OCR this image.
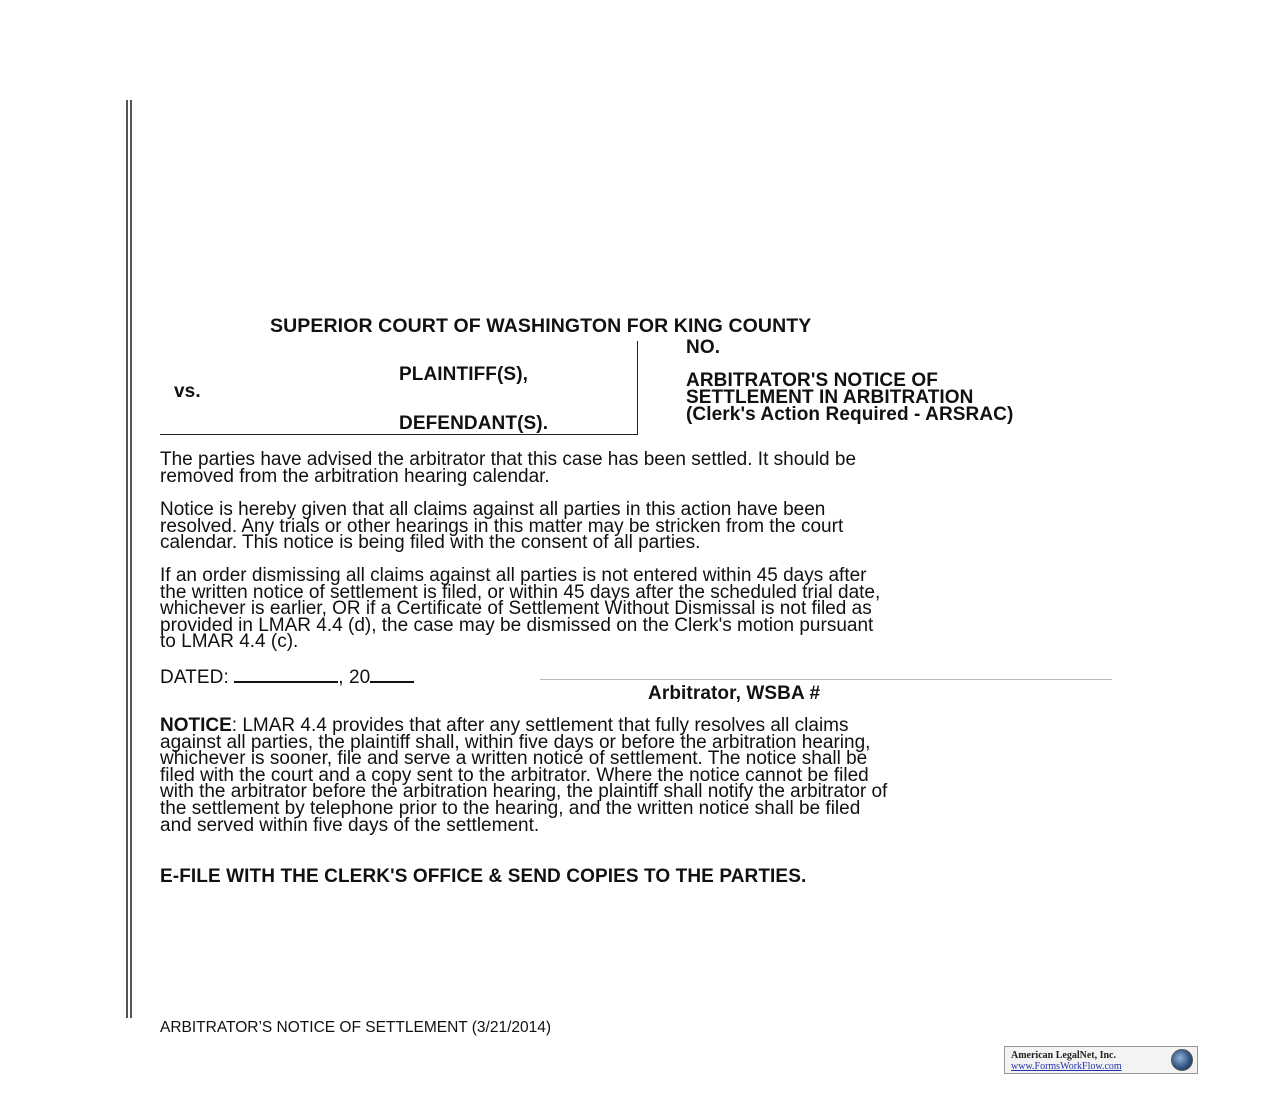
SUPERIOR COURT OF WASHINGTON FOR KING COUNTY
NO.
PLAINTIFF(S),
vs.
DEFENDANT(S).
ARBITRATOR'S NOTICE OF
SETTLEMENT IN ARBITRATION
(Clerk's Action Required - ARSRAC)
The parties have advised the arbitrator that this case has been settled. It should be
removed from the arbitration hearing calendar.
Notice is hereby given that all claims against all parties in this action have been
resolved. Any trials or other hearings in this matter may be stricken from the court
calendar. This notice is being filed with the consent of all parties.
If an order dismissing all claims against all parties is not entered within 45 days after
the written notice of settlement is filed, or within 45 days after the scheduled trial date,
whichever is earlier, OR if a Certificate of Settlement Without Dismissal is not filed as
provided in LMAR 4.4 (d), the case may be dismissed on the Clerk's motion pursuant
to LMAR 4.4 (c).
DATED:	, 20
Arbitrator, WSBA #
NOTICE: LMAR 4.4 provides that after any settlement that fully resolves all claims
against all parties, the plaintiff shall, within five days or before the arbitration hearing,
whichever is sooner, file and serve a written notice of settlement. The notice shall be
filed with the court and a copy sent to the arbitrator. Where the notice cannot be filed
with the arbitrator before the arbitration hearing, the plaintiff shall notify the arbitrator of
the settlement by telephone prior to the hearing, and the written notice shall be filed
and served within five days of the settlement.
E-FILE WITH THE CLERK'S OFFICE & SEND COPIES TO THE PARTIES.
ARBITRATOR’S NOTICE OF SETTLEMENT (3/21/2014)
American LegalNet, Inc.
www.FormsWorkFlow.com
